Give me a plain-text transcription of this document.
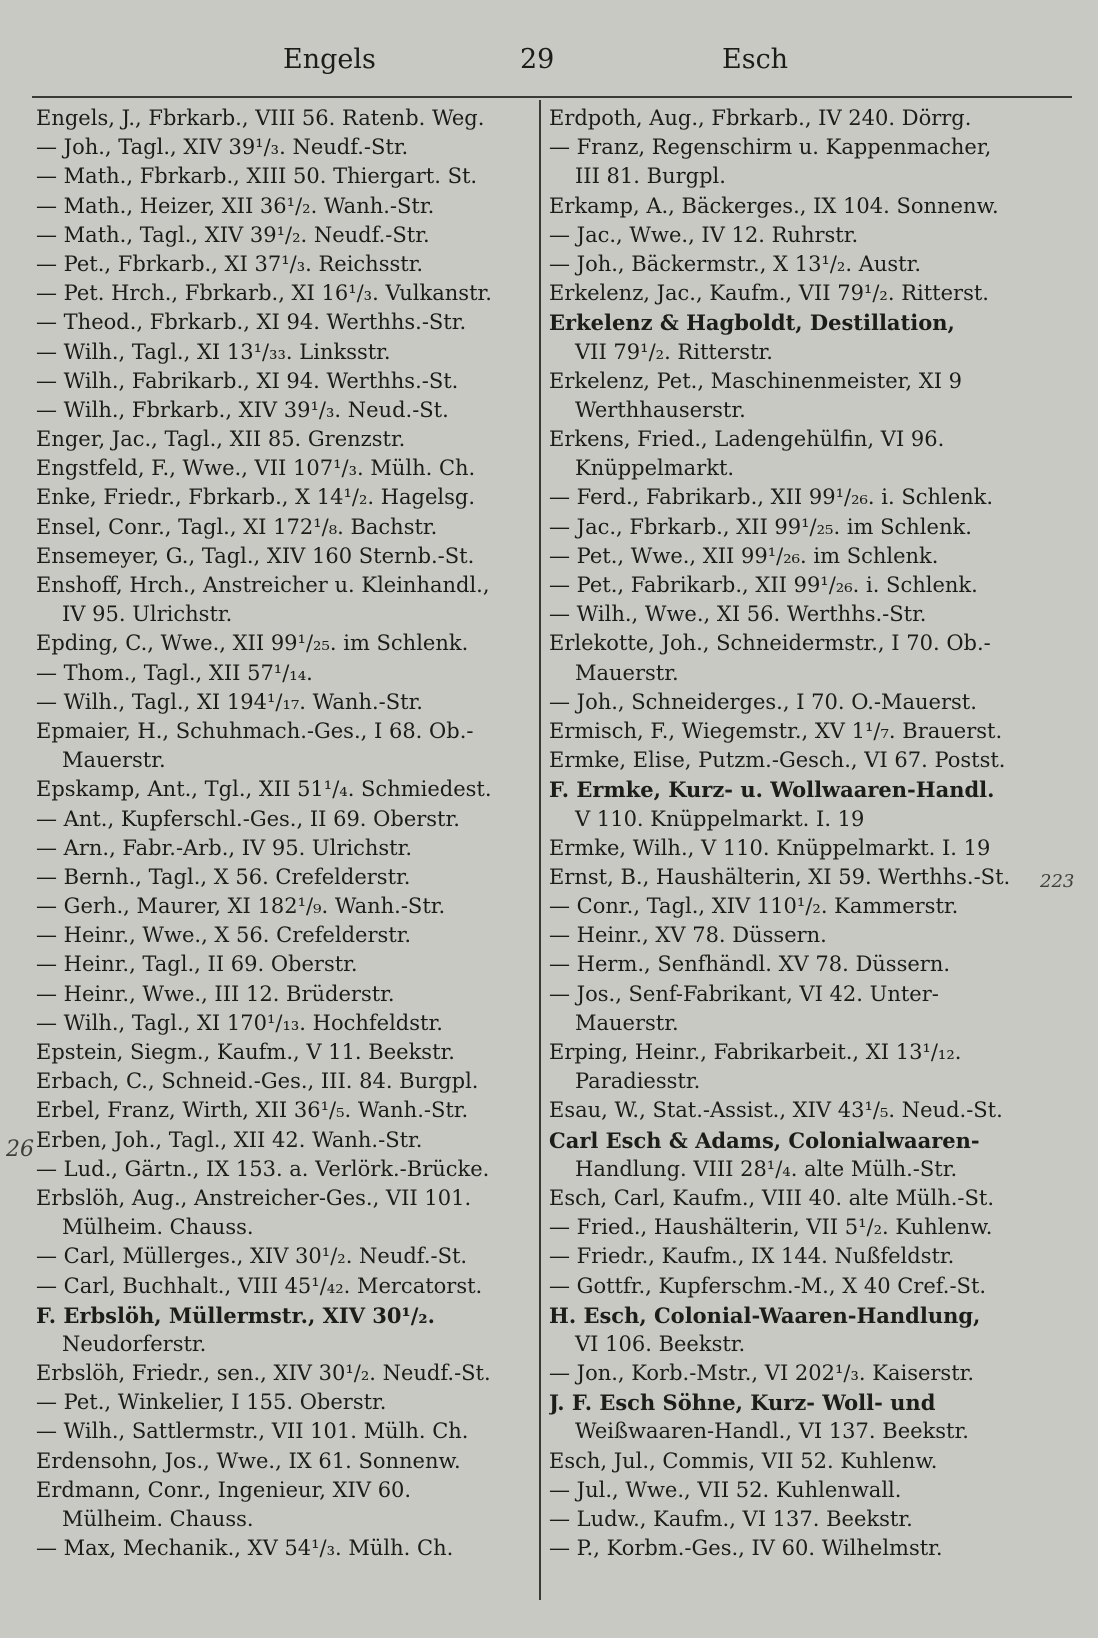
Engels	29	Esch
Engels, J., Fbrkarb., VIII 56. Ratenb. Weg.
— Joh., Tagl., XIV 39¹/₃. Neudf.-Str.
— Math., Fbrkarb., XIII 50. Thiergart. St.
— Math., Heizer, XII 36¹/₂. Wanh.-Str.
— Math., Tagl., XIV 39¹/₂. Neudf.-Str.
— Pet., Fbrkarb., XI 37¹/₃. Reichsstr.
— Pet. Hrch., Fbrkarb., XI 16¹/₃. Vulkanstr.
— Theod., Fbrkarb., XI 94. Werthhs.-Str.
— Wilh., Tagl., XI 13¹/₃₃. Linksstr.
— Wilh., Fabrikarb., XI 94. Werthhs.-St.
— Wilh., Fbrkarb., XIV 39¹/₃. Neud.-St.
Enger, Jac., Tagl., XII 85. Grenzstr.
Engstfeld, F., Wwe., VII 107¹/₃. Mülh. Ch.
Enke, Friedr., Fbrkarb., X 14¹/₂. Hagelsg.
Ensel, Conr., Tagl., XI 172¹/₈. Bachstr.
Ensemeyer, G., Tagl., XIV 160 Sternb.-St.
Enshoff, Hrch., Anstreicher u. Kleinhandl.,
IV 95. Ulrichstr.
Epding, C., Wwe., XII 99¹/₂₅. im Schlenk.
— Thom., Tagl., XII 57¹/₁₄.
— Wilh., Tagl., XI 194¹/₁₇. Wanh.-Str.
Epmaier, H., Schuhmach.-Ges., I 68. Ob.-
Mauerstr.
Epskamp, Ant., Tgl., XII 51¹/₄. Schmiedest.
— Ant., Kupferschl.-Ges., II 69. Oberstr.
— Arn., Fabr.-Arb., IV 95. Ulrichstr.
— Bernh., Tagl., X 56. Crefelderstr.
— Gerh., Maurer, XI 182¹/₉. Wanh.-Str.
— Heinr., Wwe., X 56. Crefelderstr.
— Heinr., Tagl., II 69. Oberstr.
— Heinr., Wwe., III 12. Brüderstr.
— Wilh., Tagl., XI 170¹/₁₃. Hochfeldstr.
Epstein, Siegm., Kaufm., V 11. Beekstr.
Erbach, C., Schneid.-Ges., III. 84. Burgpl.
Erbel, Franz, Wirth, XII 36¹/₅. Wanh.-Str.
Erben, Joh., Tagl., XII 42. Wanh.-Str.
— Lud., Gärtn., IX 153. a. Verlörk.-Brücke.
Erbslöh, Aug., Anstreicher-Ges., VII 101.
Mülheim. Chauss.
— Carl, Müllerges., XIV 30¹/₂. Neudf.-St.
— Carl, Buchhalt., VIII 45¹/₄₂. Mercatorst.
F. Erbslöh, Müllermstr., XIV 30¹/₂.
Neudorferstr.
Erbslöh, Friedr., sen., XIV 30¹/₂. Neudf.-St.
— Pet., Winkelier, I 155. Oberstr.
— Wilh., Sattlermstr., VII 101. Mülh. Ch.
Erdensohn, Jos., Wwe., IX 61. Sonnenw.
Erdmann, Conr., Ingenieur, XIV 60.
Mülheim. Chauss.
— Max, Mechanik., XV 54¹/₃. Mülh. Ch.
Erdpoth, Aug., Fbrkarb., IV 240. Dörrg.
— Franz, Regenschirm u. Kappenmacher,
III 81. Burgpl.
Erkamp, A., Bäckerges., IX 104. Sonnenw.
— Jac., Wwe., IV 12. Ruhrstr.
— Joh., Bäckermstr., X 13¹/₂. Austr.
Erkelenz, Jac., Kaufm., VII 79¹/₂. Ritterst.
Erkelenz & Hagboldt, Destillation,
VII 79¹/₂. Ritterstr.
Erkelenz, Pet., Maschinenmeister, XI 9
Werthhauserstr.
Erkens, Fried., Ladengehülfin, VI 96.
Knüppelmarkt.
— Ferd., Fabrikarb., XII 99¹/₂₆. i. Schlenk.
— Jac., Fbrkarb., XII 99¹/₂₅. im Schlenk.
— Pet., Wwe., XII 99¹/₂₆. im Schlenk.
— Pet., Fabrikarb., XII 99¹/₂₆. i. Schlenk.
— Wilh., Wwe., XI 56. Werthhs.-Str.
Erlekotte, Joh., Schneidermstr., I 70. Ob.-
Mauerstr.
— Joh., Schneiderges., I 70. O.-Mauerst.
Ermisch, F., Wiegemstr., XV 1¹/₇. Brauerst.
Ermke, Elise, Putzm.-Gesch., VI 67. Postst.
F. Ermke, Kurz- u. Wollwaaren-Handl.
V 110. Knüppelmarkt. I. 19
Ermke, Wilh., V 110. Knüppelmarkt. I. 19
Ernst, B., Haushälterin, XI 59. Werthhs.-St.
— Conr., Tagl., XIV 110¹/₂. Kammerstr.
— Heinr., XV 78. Düssern.
— Herm., Senfhändl. XV 78. Düssern.
— Jos., Senf-Fabrikant, VI 42. Unter-
Mauerstr.
Erping, Heinr., Fabrikarbeit., XI 13¹/₁₂.
Paradiesstr.
Esau, W., Stat.-Assist., XIV 43¹/₅. Neud.-St.
Carl Esch & Adams, Colonialwaaren-
Handlung. VIII 28¹/₄. alte Mülh.-Str.
Esch, Carl, Kaufm., VIII 40. alte Mülh.-St.
— Fried., Haushälterin, VII 5¹/₂. Kuhlenw.
— Friedr., Kaufm., IX 144. Nußfeldstr.
— Gottfr., Kupferschm.-M., X 40 Cref.-St.
H. Esch, Colonial-Waaren-Handlung,
VI 106. Beekstr.
— Jon., Korb.-Mstr., VI 202¹/₃. Kaiserstr.
J. F. Esch Söhne, Kurz- Woll- und
Weißwaaren-Handl., VI 137. Beekstr.
Esch, Jul., Commis, VII 52. Kuhlenw.
— Jul., Wwe., VII 52. Kuhlenwall.
— Ludw., Kaufm., VI 137. Beekstr.
— P., Korbm.-Ges., IV 60. Wilhelmstr.
26
223
